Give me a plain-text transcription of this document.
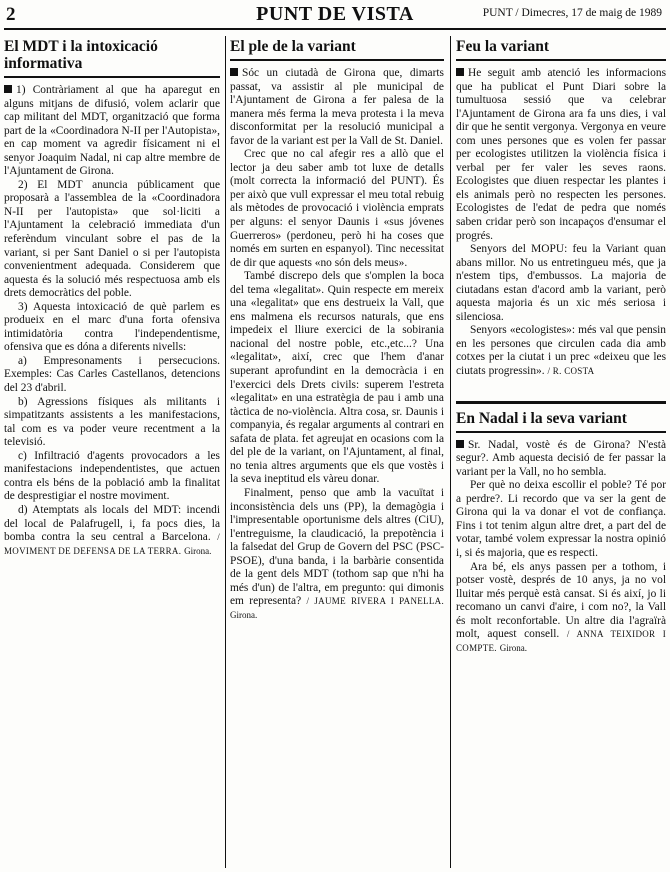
2	PUNT DE VISTA	PUNT / Dimecres, 17 de maig de 1989
El MDT i la intoxicació informativa

1) Contràriament al que ha aparegut en alguns mitjans de difusió, volem aclarir que cap militant del MDT, organització que forma part de la «Coordinadora N-II per l'Autopista», en cap moment va agredir físicament ni el senyor Joaquim Nadal, ni cap altre membre de l'Ajuntament de Girona.

2) El MDT anuncia públicament que proposarà a l'assemblea de la «Coordinadora N-II per l'autopista» que sol·liciti a l'Ajuntament la celebració immediata d'un referèndum vinculant sobre el pas de la variant, si per Sant Daniel o si per l'autopista convenientment adequada. Considerem que aquesta és la solució més respectuosa amb els drets democràtics del poble.

3) Aquesta intoxicació de què parlem es produeix en el marc d'una forta ofensiva intimidatòria contra l'independentisme, ofensiva que es dóna a diferents nivells:

a) Empresonaments i persecucions. Exemples: Cas Carles Castellanos, detencions del 23 d'abril.

b) Agressions físiques als militants i simpatitzants assistents a les manifestacions, tal com es va poder veure recentment a la televisió.

c) Infiltració d'agents provocadors a les manifestacions independentistes, que actuen contra els béns de la població amb la finalitat de desprestigiar el nostre moviment.

d) Atemptats als locals del MDT: incendi del local de Palafrugell, i, fa pocs dies, la bomba contra la seu central a Barcelona. / MOVIMENT DE DEFENSA DE LA TERRA. Girona.

El ple de la variant

Sóc un ciutadà de Girona que, dimarts passat, va assistir al ple municipal de l'Ajuntament de Girona a fer palesa de la manera més ferma la meva protesta i la meva disconformitat per la resolució municipal a favor de la variant est per la Vall de St. Daniel.

Crec que no cal afegir res a allò que el lector ja deu saber amb tot luxe de detalls (molt correcta la informació del PUNT). És per això que vull expressar el meu total rebuig als mètodes de provocació i violència emprats per alguns: el senyor Daunis i «sus jóvenes Guerreros» (perdoneu, però hi ha coses que només em surten en espanyol). Tinc necessitat de dir que aquests «no són dels meus».

També discrepo dels que s'omplen la boca del tema «legalitat». Quin respecte em mereix una «legalitat» que ens destrueix la Vall, que ens malmena els recursos naturals, que ens impedeix el lliure exercici de la sobirania nacional del nostre poble, etc.,etc...? Una «legalitat», així, crec que l'hem d'anar superant aprofundint en la democràcia i en l'exercici dels Drets civils: superem l'estreta «legalitat» en una estratègia de pau i amb una tàctica de no-violència. Altra cosa, sr. Daunis i companyia, és regalar arguments al contrari en safata de plata. fet agreujat en ocasions com la del ple de la variant, on l'Ajuntament, al final, no tenia altres arguments que els que vostès i la seva ineptitud els vàreu donar.

Finalment, penso que amb la vacuïtat i inconsistència dels uns (PP), la demagògia i l'impresentable oportunisme dels altres (CiU), l'entreguisme, la claudicació, la prepotència i la falsedat del Grup de Govern del PSC (PSC-PSOE), d'una banda, i la barbàrie consentida de la gent dels MDT (tothom sap que n'hi ha més d'un) de l'altra, em pregunto: qui dimonis em representa? / JAUME RIVERA I PANELLA. Girona.

Feu la variant

He seguit amb atenció les informacions que ha publicat el Punt Diari sobre la tumultuosa sessió que va celebrar l'Ajuntament de Girona ara fa uns dies, i val dir que he sentit vergonya. Vergonya en veure com unes persones que es volen fer passar per ecologistes utilitzen la violència física i verbal per fer valer les seves raons. Ecologistes que diuen respectar les plantes i els animals però no respecten les persones. Ecologistes de l'edat de pedra que només saben cridar però son incapaços d'ensumar el progrés.

Senyors del MOPU: feu la Variant quan abans millor. No us entretingueu més, que ja n'estem tips, d'embussos. La majoria de ciutadans estan d'acord amb la variant, però aquesta majoria és un xic més seriosa i silenciosa.

Senyors «ecologistes»: més val que pensin en les persones que circulen cada dia amb cotxes per la ciutat i un prec «deixeu que les ciutats progressin». / R. COSTA

En Nadal i la seva variant

Sr. Nadal, vostè és de Girona? N'està segur?. Amb aquesta decisió de fer passar la variant per la Vall, no ho sembla.

Per què no deixa escollir el poble? Té por a perdre?. Li recordo que va ser la gent de Girona qui la va donar el vot de confiança. Fins i tot tenim algun altre dret, a part del de votar, també volem expressar la nostra opinió i, si és majoria, que es respecti.

Ara bé, els anys passen per a tothom, i potser vostè, després de 10 anys, ja no vol lluitar més perquè està cansat. Si és així, jo li recomano un canvi d'aire, i com no?, la Vall és molt reconfortable. Un altre dia l'agraïrà molt, aquest consell. / ANNA TEIXIDOR I COMPTE. Girona.
